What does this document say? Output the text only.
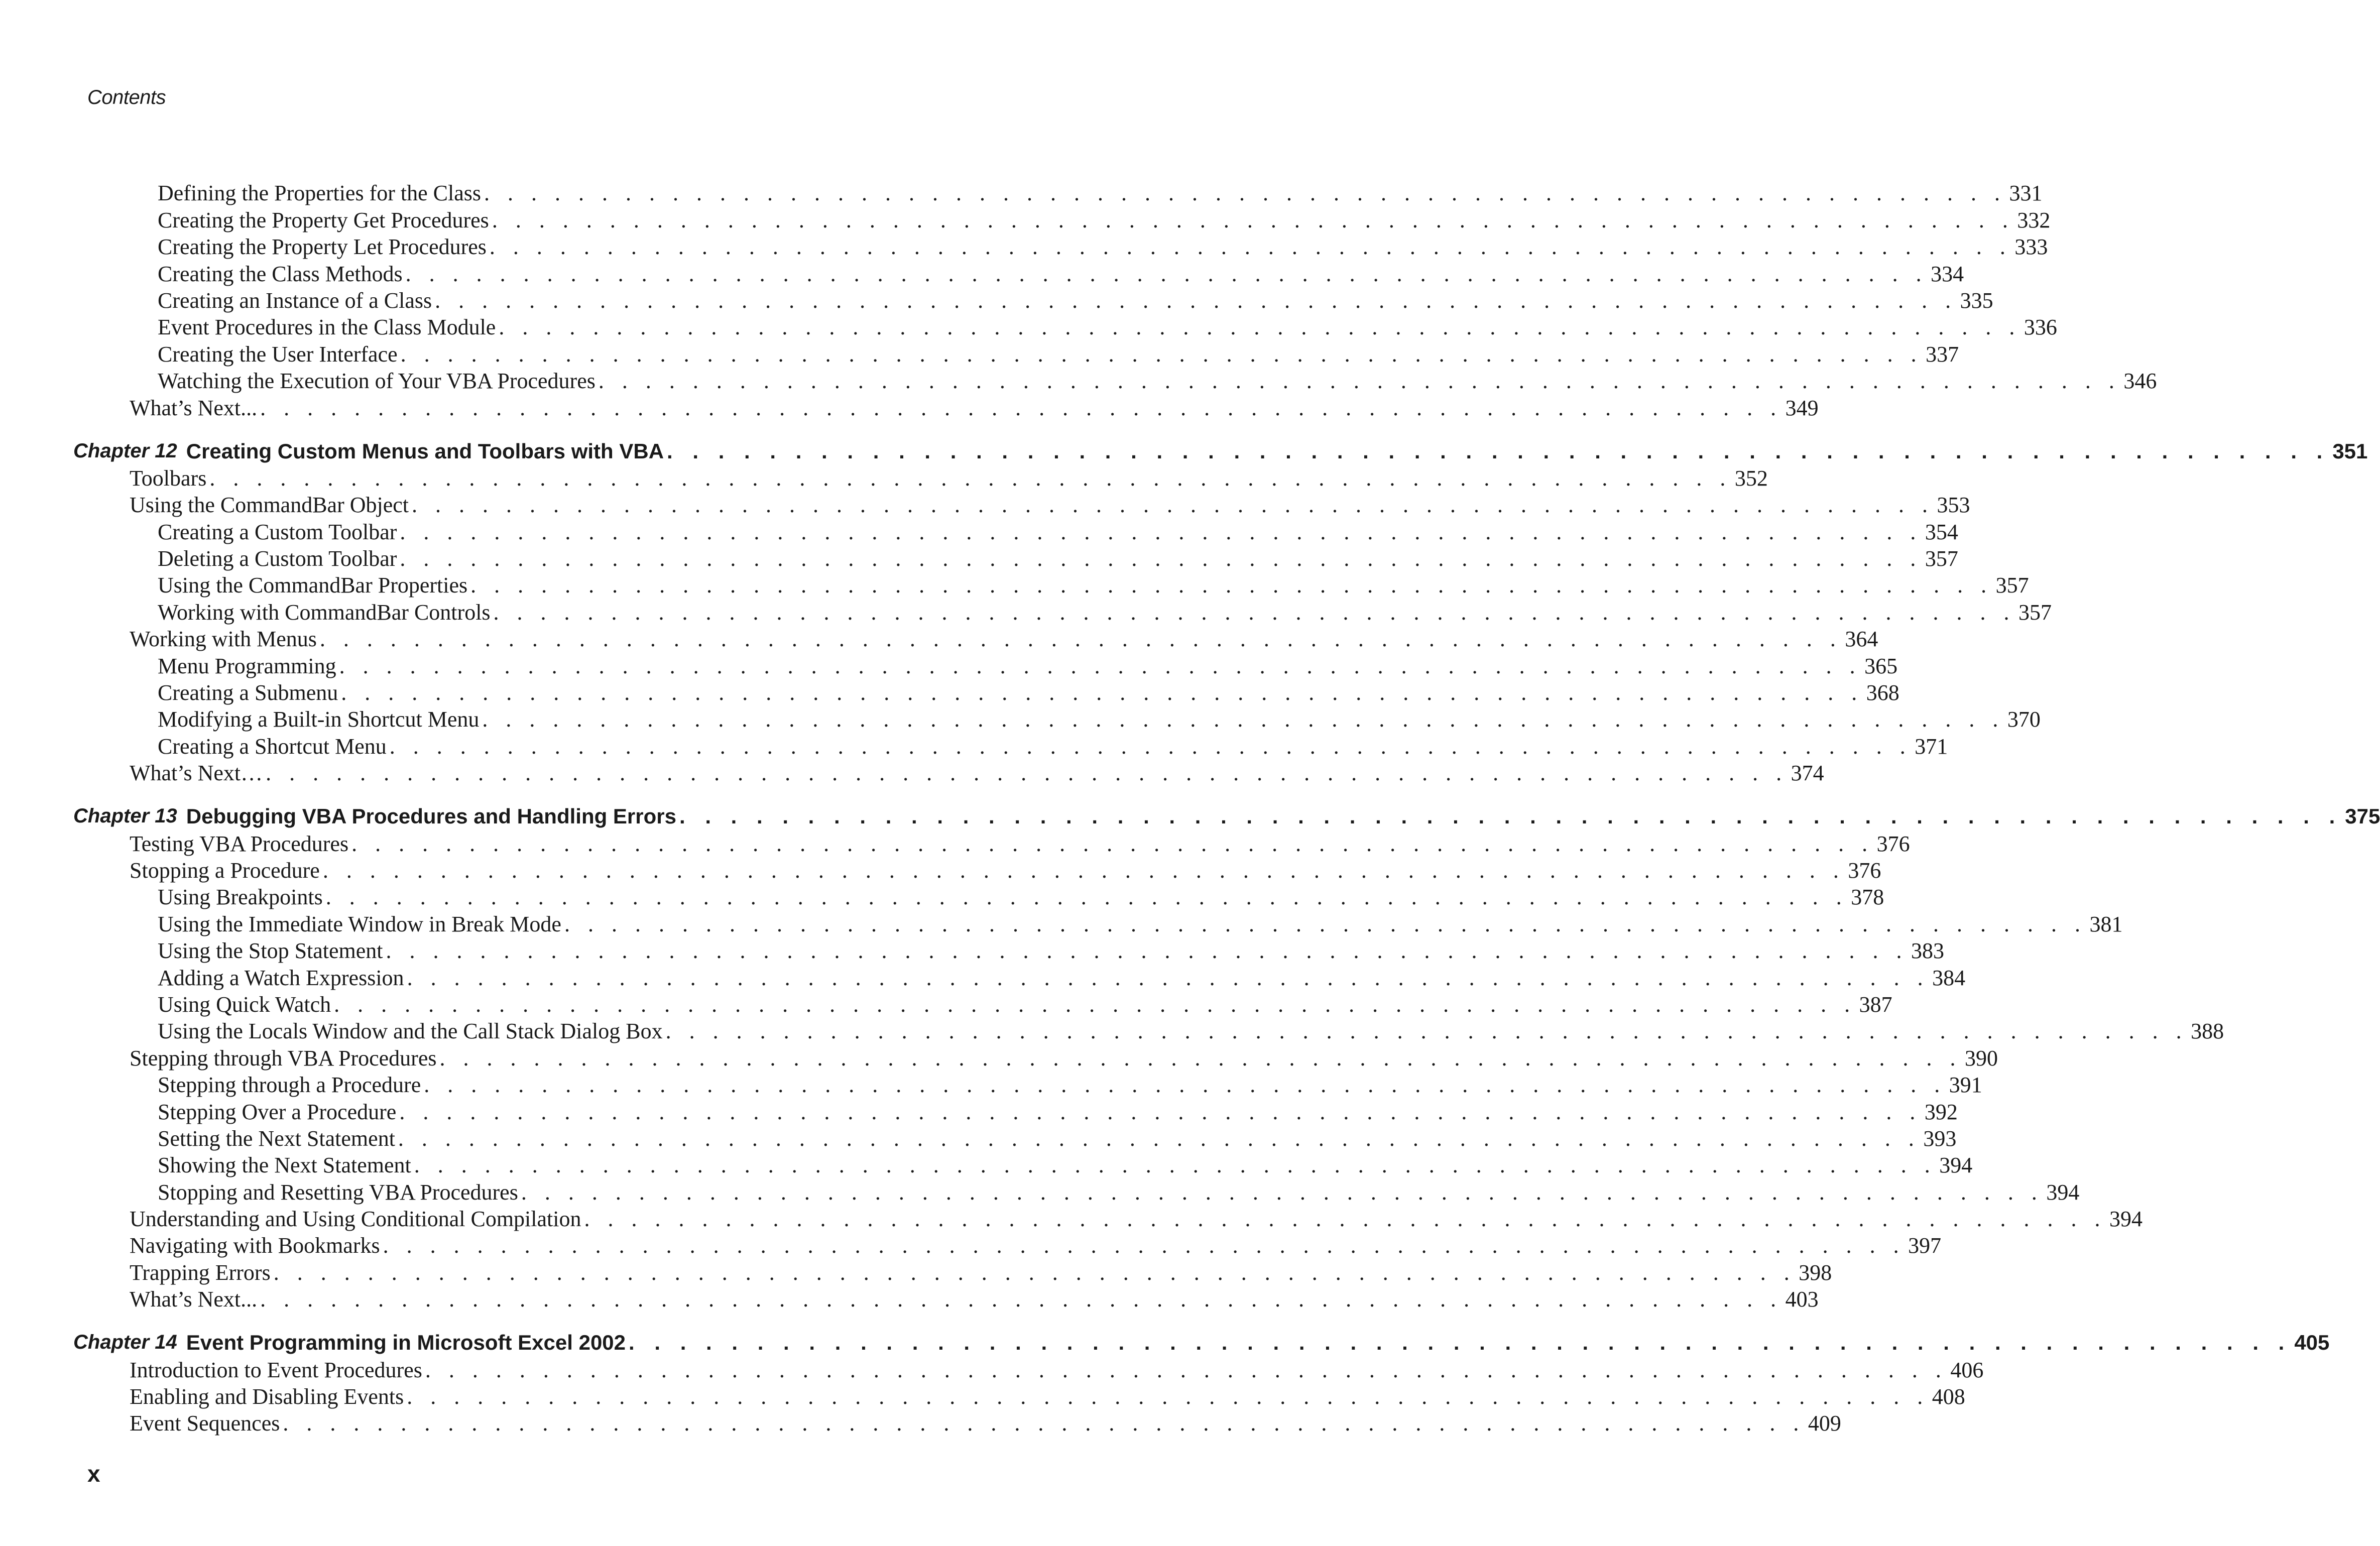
Contents
Defining the Properties for the Class . . . . . . . . . . . . . . . . . . . . . . . . . . . . . . . . . . . . . . . . . . . . . . . . . . . . . . . . . . . . . . . . . 331
Creating the Property Get Procedures . . . . . . . . . . . . . . . . . . . . . . . . . . . . . . . . . . . . . . . . . . . . . . . . . . . . . . . . . . . . . . . . . 332
Creating the Property Let Procedures . . . . . . . . . . . . . . . . . . . . . . . . . . . . . . . . . . . . . . . . . . . . . . . . . . . . . . . . . . . . . . . . . 333
Creating the Class Methods . . . . . . . . . . . . . . . . . . . . . . . . . . . . . . . . . . . . . . . . . . . . . . . . . . . . . . . . . . . . . . . . . 334
Creating an Instance of a Class . . . . . . . . . . . . . . . . . . . . . . . . . . . . . . . . . . . . . . . . . . . . . . . . . . . . . . . . . . . . . . . . . 335
Event Procedures in the Class Module . . . . . . . . . . . . . . . . . . . . . . . . . . . . . . . . . . . . . . . . . . . . . . . . . . . . . . . . . . . . . . . . . 336
Creating the User Interface . . . . . . . . . . . . . . . . . . . . . . . . . . . . . . . . . . . . . . . . . . . . . . . . . . . . . . . . . . . . . . . . . 337
Watching the Execution of Your VBA Procedures . . . . . . . . . . . . . . . . . . . . . . . . . . . . . . . . . . . . . . . . . . . . . . . . . . . . . . . . . . . . . . . . . 346
What’s Next... . . . . . . . . . . . . . . . . . . . . . . . . . . . . . . . . . . . . . . . . . . . . . . . . . . . . . . . . . . . . . . . . . 349
Chapter 12 Creating Custom Menus and Toolbars with VBA . . . . . . . . . . . . . . . . . . . . . . . . . . . . . . . . . . . . . . . . . . . . . . . . . . . . . . . . . . . . . . . . . 351
Toolbars . . . . . . . . . . . . . . . . . . . . . . . . . . . . . . . . . . . . . . . . . . . . . . . . . . . . . . . . . . . . . . . . . 352
Using the CommandBar Object . . . . . . . . . . . . . . . . . . . . . . . . . . . . . . . . . . . . . . . . . . . . . . . . . . . . . . . . . . . . . . . . . 353
Creating a Custom Toolbar . . . . . . . . . . . . . . . . . . . . . . . . . . . . . . . . . . . . . . . . . . . . . . . . . . . . . . . . . . . . . . . . . 354
Deleting a Custom Toolbar . . . . . . . . . . . . . . . . . . . . . . . . . . . . . . . . . . . . . . . . . . . . . . . . . . . . . . . . . . . . . . . . . 357
Using the CommandBar Properties . . . . . . . . . . . . . . . . . . . . . . . . . . . . . . . . . . . . . . . . . . . . . . . . . . . . . . . . . . . . . . . . . 357
Working with CommandBar Controls . . . . . . . . . . . . . . . . . . . . . . . . . . . . . . . . . . . . . . . . . . . . . . . . . . . . . . . . . . . . . . . . . 357
Working with Menus . . . . . . . . . . . . . . . . . . . . . . . . . . . . . . . . . . . . . . . . . . . . . . . . . . . . . . . . . . . . . . . . . 364
Menu Programming . . . . . . . . . . . . . . . . . . . . . . . . . . . . . . . . . . . . . . . . . . . . . . . . . . . . . . . . . . . . . . . . . 365
Creating a Submenu . . . . . . . . . . . . . . . . . . . . . . . . . . . . . . . . . . . . . . . . . . . . . . . . . . . . . . . . . . . . . . . . . 368
Modifying a Built-in Shortcut Menu . . . . . . . . . . . . . . . . . . . . . . . . . . . . . . . . . . . . . . . . . . . . . . . . . . . . . . . . . . . . . . . . . 370
Creating a Shortcut Menu . . . . . . . . . . . . . . . . . . . . . . . . . . . . . . . . . . . . . . . . . . . . . . . . . . . . . . . . . . . . . . . . . 371
What’s Next… . . . . . . . . . . . . . . . . . . . . . . . . . . . . . . . . . . . . . . . . . . . . . . . . . . . . . . . . . . . . . . . . . 374
Chapter 13 Debugging VBA Procedures and Handling Errors . . . . . . . . . . . . . . . . . . . . . . . . . . . . . . . . . . . . . . . . . . . . . . . . . . . . . . . . . . . . . . . . . 375
Testing VBA Procedures . . . . . . . . . . . . . . . . . . . . . . . . . . . . . . . . . . . . . . . . . . . . . . . . . . . . . . . . . . . . . . . . . 376
Stopping a Procedure . . . . . . . . . . . . . . . . . . . . . . . . . . . . . . . . . . . . . . . . . . . . . . . . . . . . . . . . . . . . . . . . . 376
Using Breakpoints . . . . . . . . . . . . . . . . . . . . . . . . . . . . . . . . . . . . . . . . . . . . . . . . . . . . . . . . . . . . . . . . . 378
Using the Immediate Window in Break Mode . . . . . . . . . . . . . . . . . . . . . . . . . . . . . . . . . . . . . . . . . . . . . . . . . . . . . . . . . . . . . . . . . 381
Using the Stop Statement . . . . . . . . . . . . . . . . . . . . . . . . . . . . . . . . . . . . . . . . . . . . . . . . . . . . . . . . . . . . . . . . . 383
Adding a Watch Expression . . . . . . . . . . . . . . . . . . . . . . . . . . . . . . . . . . . . . . . . . . . . . . . . . . . . . . . . . . . . . . . . . 384
Using Quick Watch . . . . . . . . . . . . . . . . . . . . . . . . . . . . . . . . . . . . . . . . . . . . . . . . . . . . . . . . . . . . . . . . . 387
Using the Locals Window and the Call Stack Dialog Box . . . . . . . . . . . . . . . . . . . . . . . . . . . . . . . . . . . . . . . . . . . . . . . . . . . . . . . . . . . . . . . . . 388
Stepping through VBA Procedures . . . . . . . . . . . . . . . . . . . . . . . . . . . . . . . . . . . . . . . . . . . . . . . . . . . . . . . . . . . . . . . . . 390
Stepping through a Procedure . . . . . . . . . . . . . . . . . . . . . . . . . . . . . . . . . . . . . . . . . . . . . . . . . . . . . . . . . . . . . . . . . 391
Stepping Over a Procedure . . . . . . . . . . . . . . . . . . . . . . . . . . . . . . . . . . . . . . . . . . . . . . . . . . . . . . . . . . . . . . . . . 392
Setting the Next Statement . . . . . . . . . . . . . . . . . . . . . . . . . . . . . . . . . . . . . . . . . . . . . . . . . . . . . . . . . . . . . . . . . 393
Showing the Next Statement . . . . . . . . . . . . . . . . . . . . . . . . . . . . . . . . . . . . . . . . . . . . . . . . . . . . . . . . . . . . . . . . . 394
Stopping and Resetting VBA Procedures . . . . . . . . . . . . . . . . . . . . . . . . . . . . . . . . . . . . . . . . . . . . . . . . . . . . . . . . . . . . . . . . . 394
Understanding and Using Conditional Compilation . . . . . . . . . . . . . . . . . . . . . . . . . . . . . . . . . . . . . . . . . . . . . . . . . . . . . . . . . . . . . . . . . 394
Navigating with Bookmarks . . . . . . . . . . . . . . . . . . . . . . . . . . . . . . . . . . . . . . . . . . . . . . . . . . . . . . . . . . . . . . . . . 397
Trapping Errors . . . . . . . . . . . . . . . . . . . . . . . . . . . . . . . . . . . . . . . . . . . . . . . . . . . . . . . . . . . . . . . . . 398
What’s Next... . . . . . . . . . . . . . . . . . . . . . . . . . . . . . . . . . . . . . . . . . . . . . . . . . . . . . . . . . . . . . . . . . 403
Chapter 14 Event Programming in Microsoft Excel 2002 . . . . . . . . . . . . . . . . . . . . . . . . . . . . . . . . . . . . . . . . . . . . . . . . . . . . . . . . . . . . . . . . . 405
Introduction to Event Procedures . . . . . . . . . . . . . . . . . . . . . . . . . . . . . . . . . . . . . . . . . . . . . . . . . . . . . . . . . . . . . . . . . 406
Enabling and Disabling Events . . . . . . . . . . . . . . . . . . . . . . . . . . . . . . . . . . . . . . . . . . . . . . . . . . . . . . . . . . . . . . . . . 408
Event Sequences . . . . . . . . . . . . . . . . . . . . . . . . . . . . . . . . . . . . . . . . . . . . . . . . . . . . . . . . . . . . . . . . . 409
x
